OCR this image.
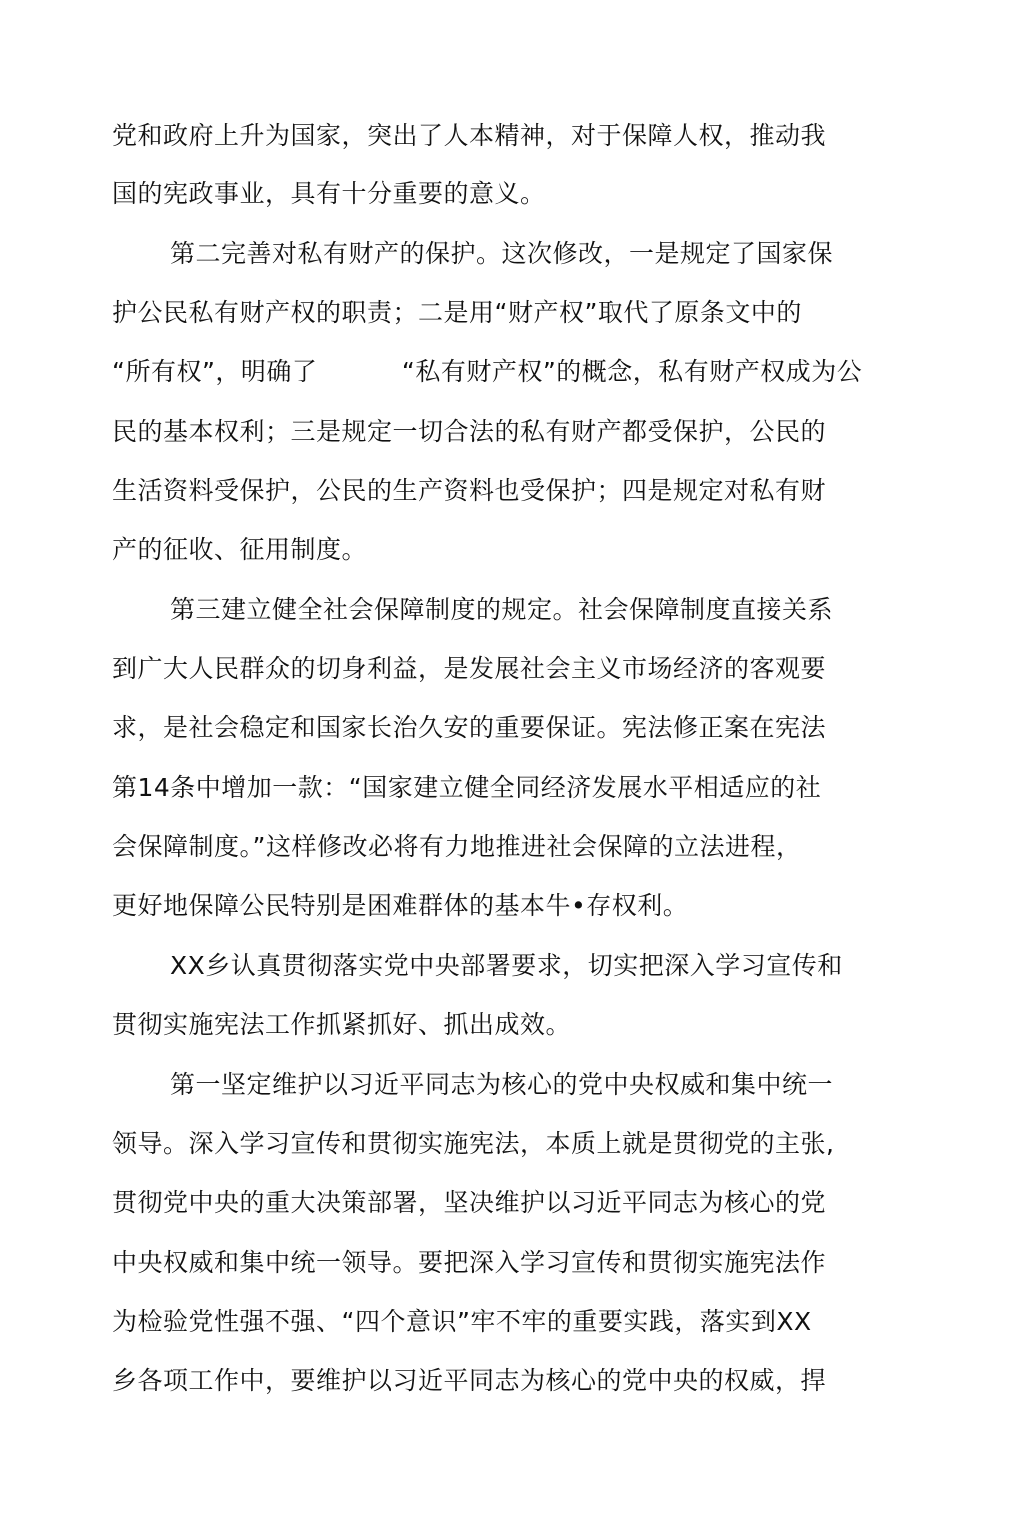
党和政府上升为国家，突出了人本精神，对于保障人权，推动我
国的宪政事业，具有十分重要的意义。
第二完善对私有财产的保护。这次修改，一是规定了国家保
护公民私有财产权的职责；二是用“财产权”取代了原条文中的
“所有权”，明确了          “私有财产权”的概念，私有财产权成为公
民的基本权利；三是规定一切合法的私有财产都受保护，公民的
生活资料受保护，公民的生产资料也受保护；四是规定对私有财
产的征收、征用制度。
第三建立健全社会保障制度的规定。社会保障制度直接关系
到广大人民群众的切身利益，是发展社会主义市场经济的客观要
求，是社会稳定和国家长治久安的重要保证。宪法修正案在宪法
第14条中增加一款：“国家建立健全同经济发展水平相适应的社
会保障制度。”这样修改必将有力地推进社会保障的立法进程，
更好地保障公民特别是困难群体的基本牛•存权利。
XX乡认真贯彻落实党中央部署要求，切实把深入学习宣传和
贯彻实施宪法工作抓紧抓好、抓出成效。
第一坚定维护以习近平同志为核心的党中央权威和集中统一
领导。深入学习宣传和贯彻实施宪法，本质上就是贯彻党的主张,
贯彻党中央的重大决策部署，坚决维护以习近平同志为核心的党
中央权威和集中统一领导。要把深入学习宣传和贯彻实施宪法作
为检验党性强不强、“四个意识”牢不牢的重要实践，落实到XX
乡各项工作中，要维护以习近平同志为核心的党中央的权威，捍
